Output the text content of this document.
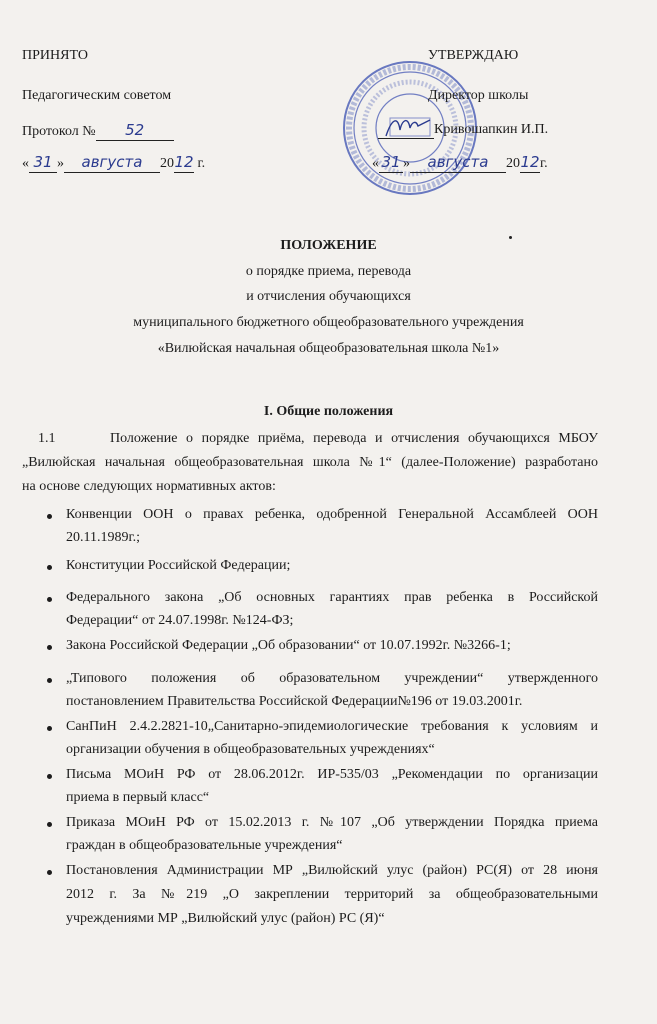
ПРИНЯТО
Педагогическим советом
Протокол № 52
« 31 » августа 2012 г.
УТВЕРЖДАЮ
Директор школы
Кривошапкин И.П.
« 31 » августа 2012г.
ПОЛОЖЕНИЕ
о порядке приема, перевода
и отчисления обучающихся
муниципального бюджетного общеобразовательного учреждения
«Вилюйская начальная общеобразовательная школа №1»
I. Общие положения
1.1	Положение о порядке приёма, перевода и отчисления обучающихся МБОУ
„Вилюйская начальная общеобразовательная школа №1“ (далее-Положение) разработано
на основе следующих нормативных актов:
Конвенции ООН о правах ребенка, одобренной Генеральной Ассамблеей ООН
20.11.1989г.;
Конституции Российской Федерации;
Федерального закона „Об основных гарантиях прав ребенка в Российской
Федерации“ от 24.07.1998г. №124-ФЗ;
Закона Российской Федерации „Об образовании“ от 10.07.1992г. №3266-1;
„Типового положения об образовательном учреждении“ утвержденного
постановлением Правительства Российской Федерации№196 от 19.03.2001г.
СанПиН 2.4.2.2821-10„Санитарно-эпидемиологические требования к условиям и
организации обучения в общеобразовательных учреждениях“
Письма МОиН РФ от 28.06.2012г. ИР-535/03 „Рекомендации по организации
приема в первый класс“
Приказа МОиН РФ от 15.02.2013 г. №107 „Об утверждении Порядка приема
граждан в общеобразовательные учреждения“
Постановления Администрации МР „Вилюйский улус (район) РС(Я) от 28 июня
2012 г. За №219 „О закреплении территорий за общеобразовательными
учреждениями МР „Вилюйский улус (район) РС (Я)“
